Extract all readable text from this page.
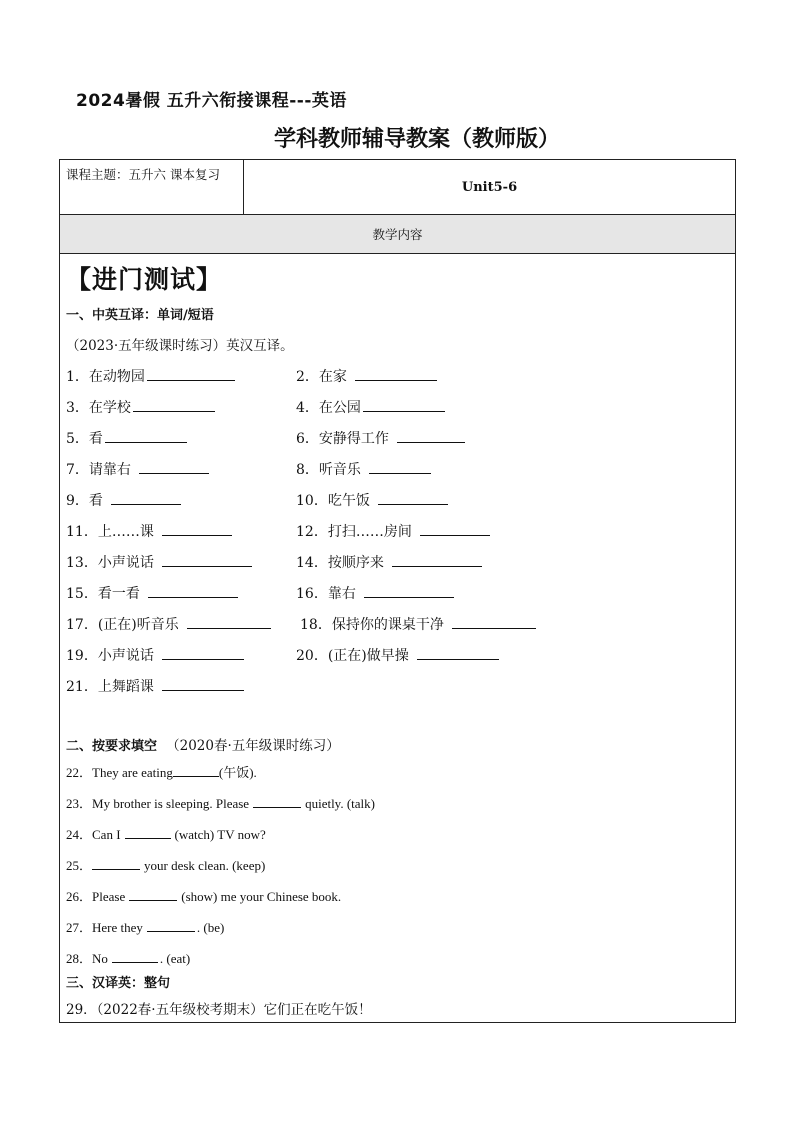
2024暑假 五升六衔接课程---英语
学科教师辅导教案（教师版）
课程主题：五升六 课本复习
Unit5-6
教学内容
【进门测试】
一、中英互译：单词/短语
（2023·五年级课时练习）英汉互译。
1．在动物园	2．在家
3．在学校	4．在公园
5．看	6．安静得工作
7．请靠右	8．听音乐
9．看	10．吃午饭
11．上……课	12．打扫……房间
13．小声说话	14．按顺序来
15．看一看	16．靠右
17．(正在)听音乐	18．保持你的课桌干净
19．小声说话	20．(正在)做早操
21．上舞蹈课
二、按要求填空 （2020春·五年级课时练习）
22．They are eating	(午饭).
23．My brother is sleeping. Please	quietly. (talk)
24．Can I	(watch) TV now?
25．	your desk clean. (keep)
26．Please	(show) me your Chinese book.
27．Here they	. (be)
28．No	. (eat)
三、汉译英：整句
29．（2022春·五年级校考期末）它们正在吃午饭！
